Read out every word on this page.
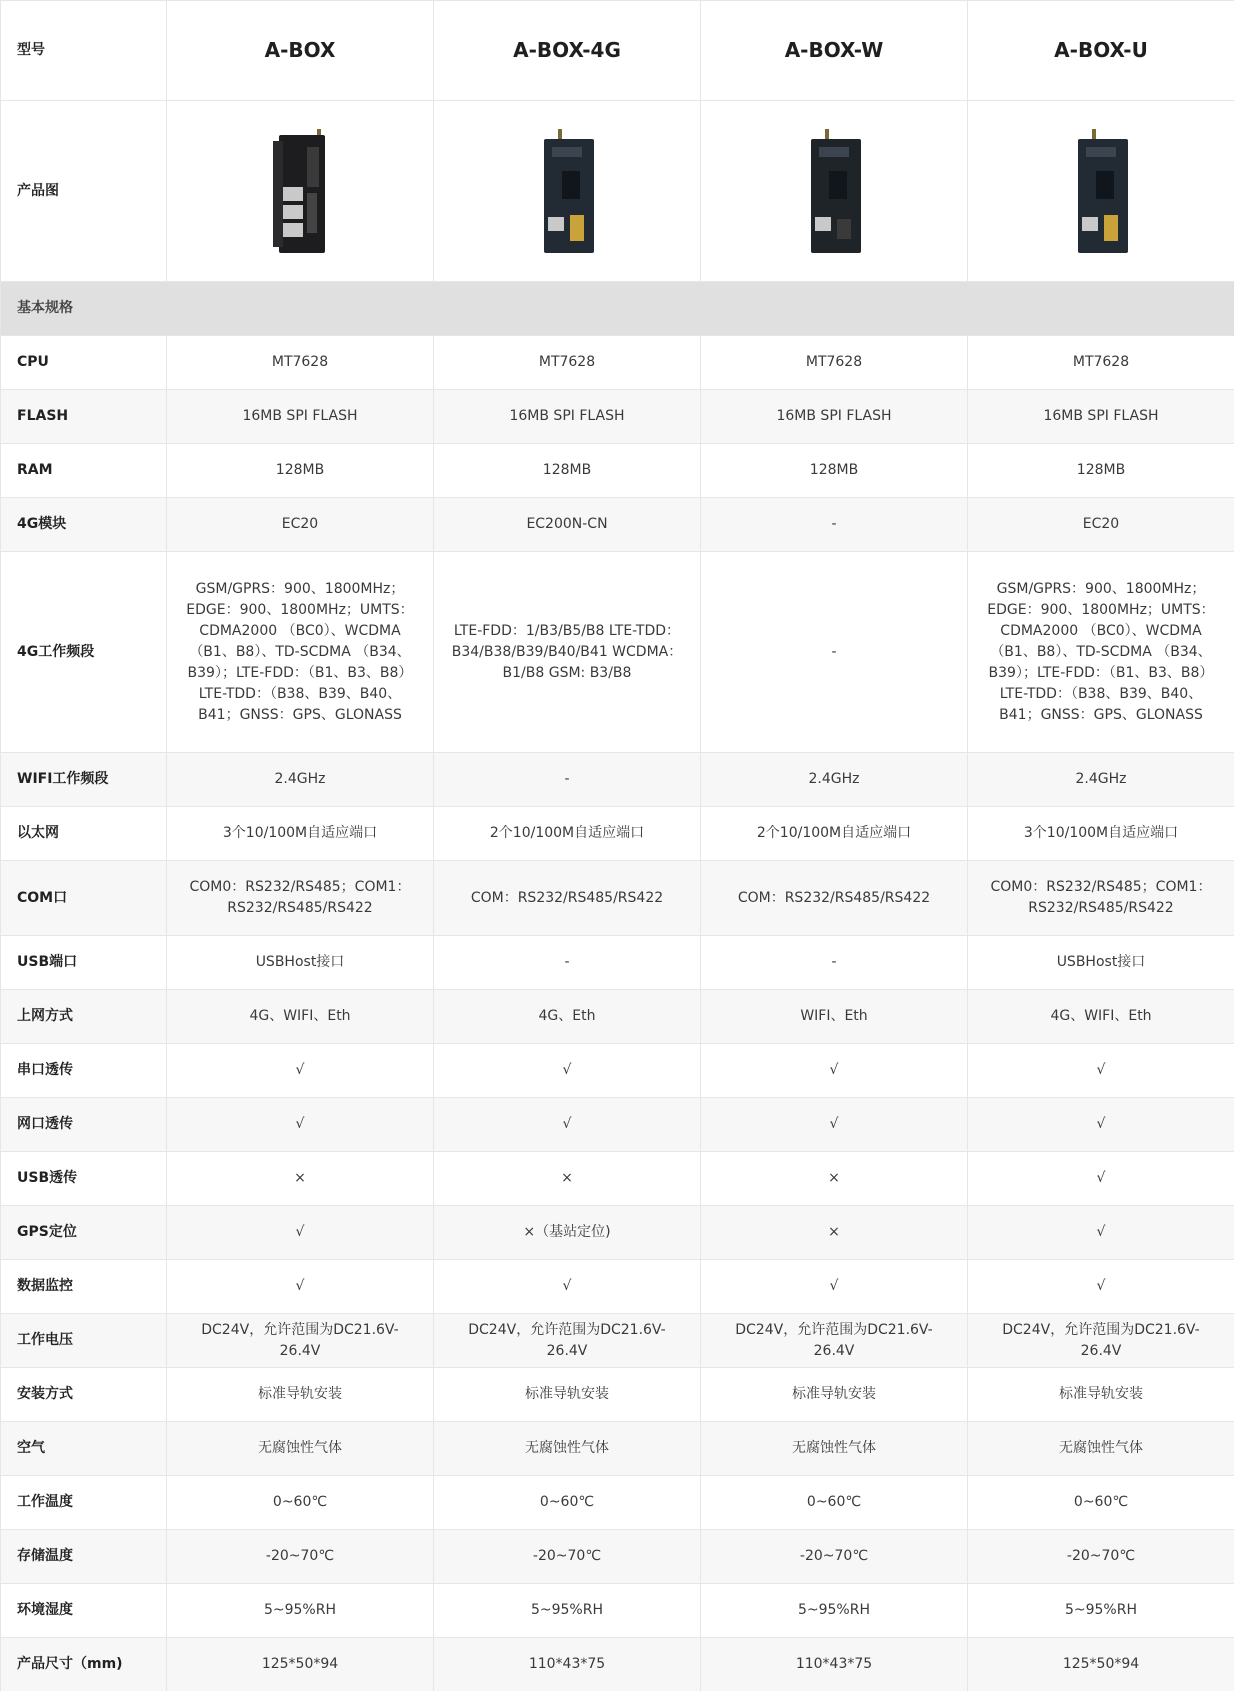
型号	A-BOX	A-BOX-4G	A-BOX-W	A-BOX-U
产品图	

基本规格				
CPU	MT7628	MT7628	MT7628	MT7628
FLASH	16MB SPI FLASH	16MB SPI FLASH	16MB SPI FLASH	16MB SPI FLASH
RAM	128MB	128MB	128MB	128MB
4G模块	EC20	EC200N-CN	-	EC20
4G工作频段	GSM/GPRS：900、1800MHz；EDGE：900、1800MHz；UMTS：CDMA2000 （BC0）、WCDMA（B1、B8）、TD-SCDMA （B34、B39）；LTE-FDD：（B1、B3、B8） LTE-TDD：（B38、B39、B40、B41；GNSS：GPS、GLONASS	LTE-FDD：1/B3/B5/B8 LTE-TDD：B34/B38/B39/B40/B41 WCDMA：B1/B8 GSM: B3/B8	-	GSM/GPRS：900、1800MHz；EDGE：900、1800MHz；UMTS：CDMA2000 （BC0）、WCDMA（B1、B8）、TD-SCDMA （B34、B39）；LTE-FDD：（B1、B3、B8） LTE-TDD：（B38、B39、B40、B41；GNSS：GPS、GLONASS
WIFI工作频段	2.4GHz	-	2.4GHz	2.4GHz
以太网	3个10/100M自适应端口	2个10/100M自适应端口	2个10/100M自适应端口	3个10/100M自适应端口
COM口	COM0：RS232/RS485；COM1：RS232/RS485/RS422	COM：RS232/RS485/RS422	COM：RS232/RS485/RS422	COM0：RS232/RS485；COM1：RS232/RS485/RS422
USB端口	USBHost接口	-	-	USBHost接口
上网方式	4G、WIFI、Eth	4G、Eth	WIFI、Eth	4G、WIFI、Eth
串口透传	√	√	√	√
网口透传	√	√	√	√
USB透传	×	×	×	√
GPS定位	√	×（基站定位)	×	√
数据监控	√	√	√	√
工作电压	DC24V，允许范围为DC21.6V-26.4V	DC24V，允许范围为DC21.6V-26.4V	DC24V，允许范围为DC21.6V-26.4V	DC24V，允许范围为DC21.6V-26.4V
安装方式	标准导轨安装	标准导轨安装	标准导轨安装	标准导轨安装
空气	无腐蚀性气体	无腐蚀性气体	无腐蚀性气体	无腐蚀性气体
工作温度	0~60℃	0~60℃	0~60℃	0~60℃
存储温度	-20~70℃	-20~70℃	-20~70℃	-20~70℃
环境湿度	5~95%RH	5~95%RH	5~95%RH	5~95%RH
产品尺寸（mm)	125*50*94	110*43*75	110*43*75	125*50*94
